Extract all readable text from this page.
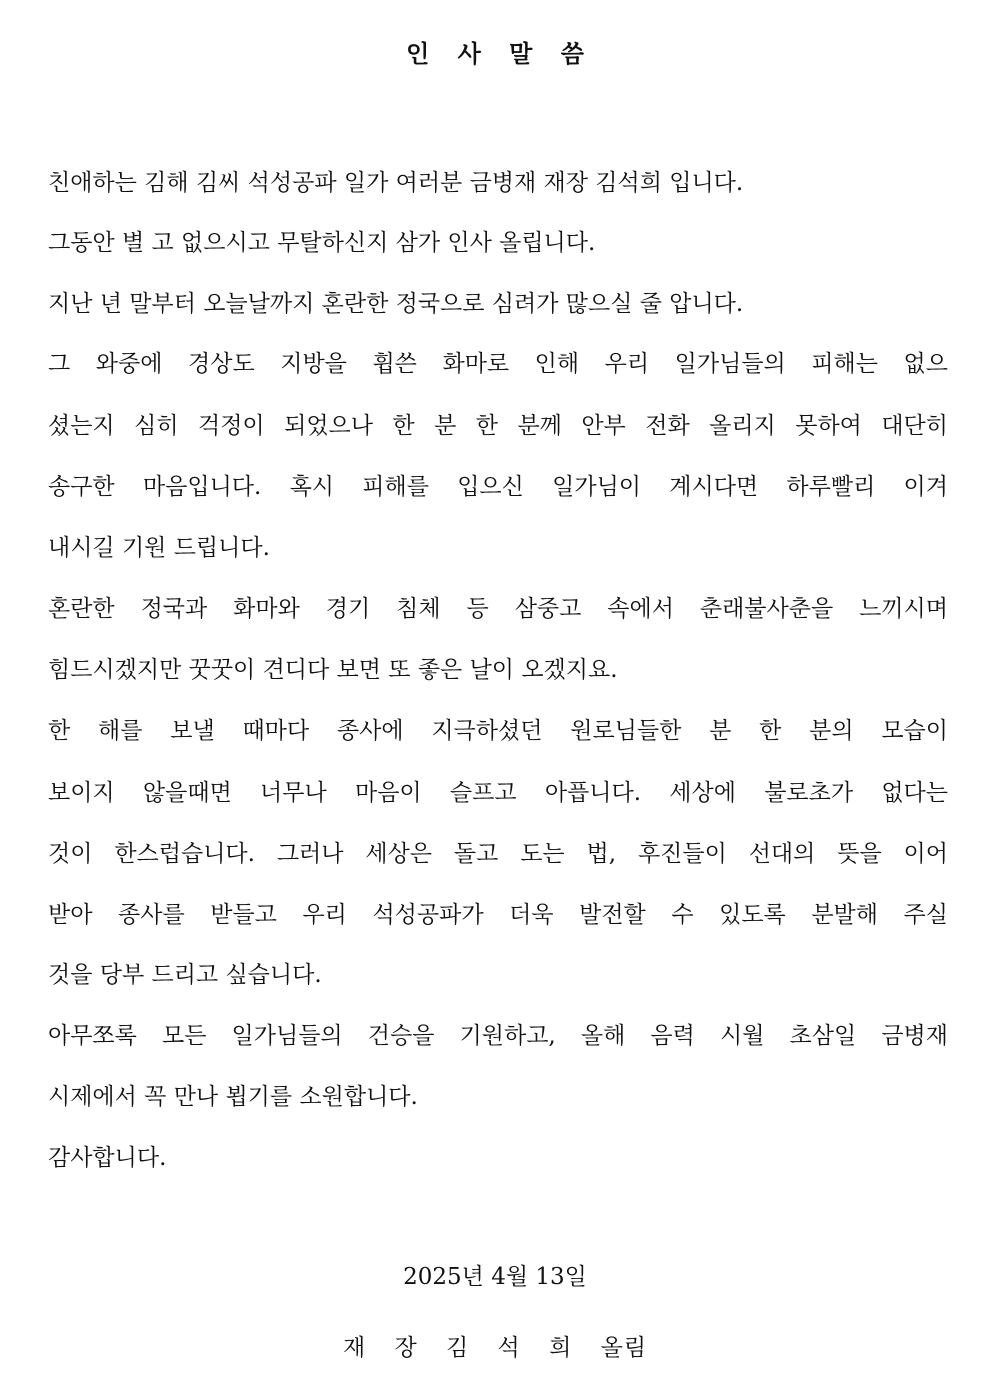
인 사 말 씀
친애하는 김해 김씨 석성공파 일가 여러분 금병재 재장 김석희 입니다.
그동안 별 고 없으시고 무탈하신지 삼가 인사 올립니다.
지난 년 말부터 오늘날까지 혼란한 정국으로 심려가 많으실 줄 압니다.
그 와중에 경상도 지방을 휩쓴 화마로 인해 우리 일가님들의 피해는 없으
셨는지 심히 걱정이 되었으나 한 분 한 분께 안부 전화 올리지 못하여 대단히
송구한 마음입니다. 혹시 피해를 입으신 일가님이 계시다면 하루빨리 이겨
내시길 기원 드립니다.
혼란한 정국과 화마와 경기 침체 등 삼중고 속에서 춘래불사춘을 느끼시며
힘드시겠지만 꿋꿋이 견디다 보면 또 좋은 날이 오겠지요.
한 해를 보낼 때마다 종사에 지극하셨던 원로님들한 분 한 분의 모습이
보이지 않을때면 너무나 마음이 슬프고 아픕니다. 세상에 불로초가 없다는
것이 한스럽습니다. 그러나 세상은 돌고 도는 법, 후진들이 선대의 뜻을 이어
받아 종사를 받들고 우리 석성공파가 더욱 발전할 수 있도록 분발해 주실
것을 당부 드리고 싶습니다.
아무쪼록 모든 일가님들의 건승을 기원하고, 올해 음력 시월 초삼일 금병재
시제에서 꼭 만나 뵙기를 소원합니다.
감사합니다.
2025년 4월 13일
재 장 김 석 희 올림
